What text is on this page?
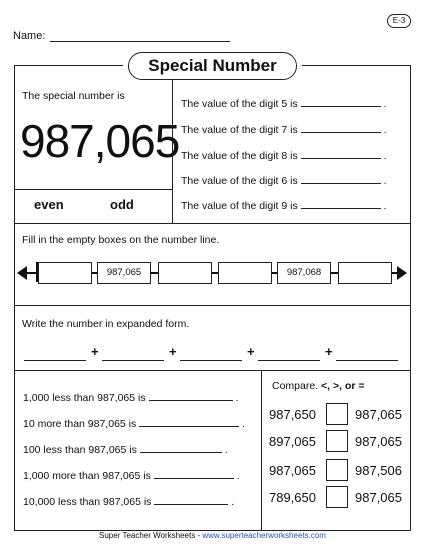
E-3
Name:
Special Number
The special number is
987,065
even	odd
The value of the digit 5 is	.
The value of the digit 7 is	.
The value of the digit 8 is	.
The value of the digit 6 is	.
The value of the digit 9 is	.
Fill in the empty boxes on the number line.
987,065	987,068
Write the number in expanded form.
+	+	+	+
1,000 less than 987,065 is	.
10 more than 987,065 is	.
100 less than 987,065 is	.
1,000 more than 987,065 is	.
10,000 less than 987,065 is	.
Compare. <, >, or =
987,650	987,065
897,065	987,065
987,065	987,506
789,650	987,065
Super Teacher Worksheets - www.superteacherworksheets.com
